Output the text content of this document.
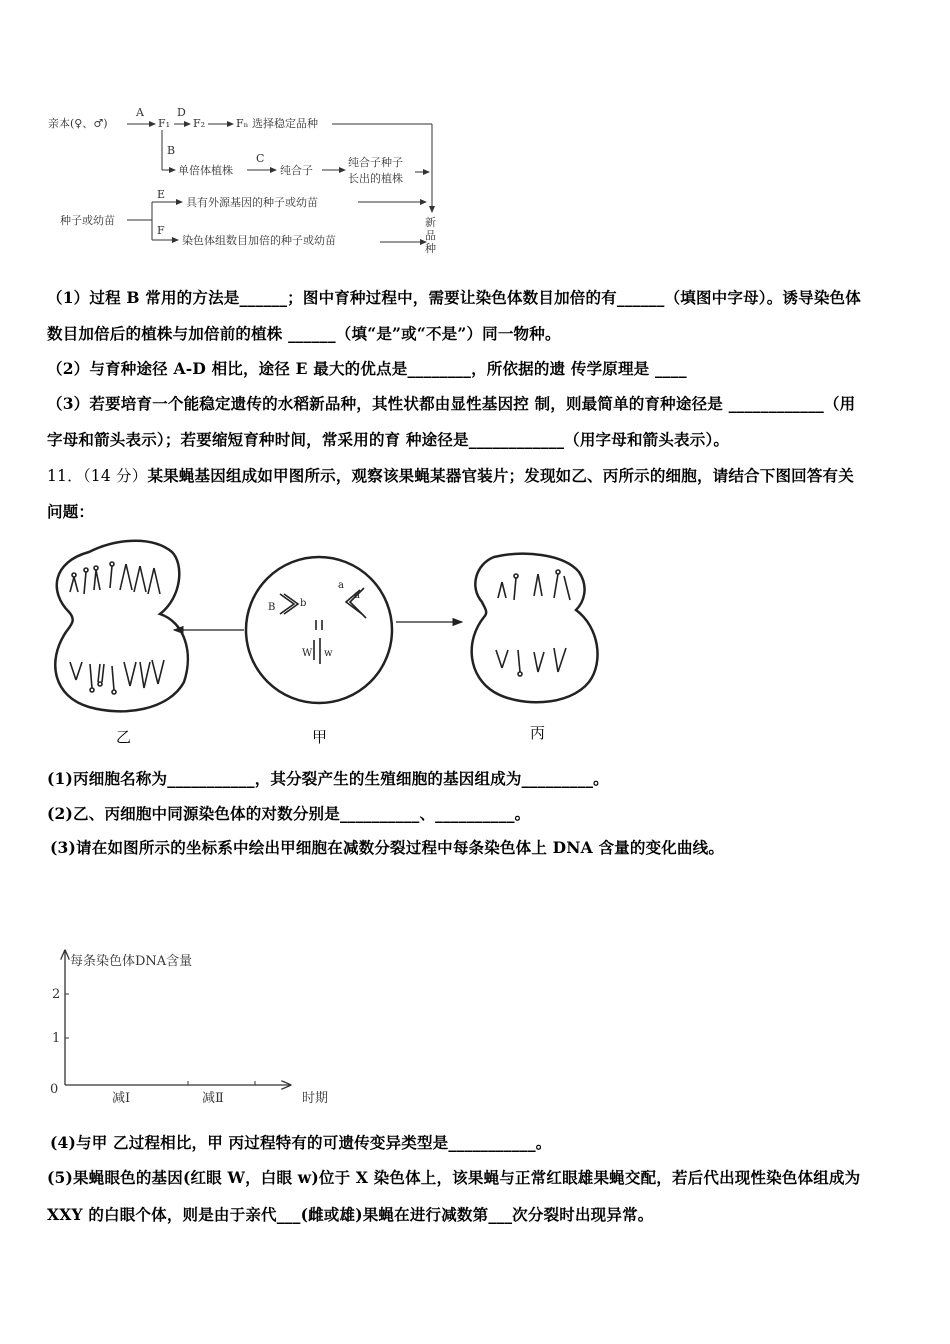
亲本(♀、♂)
A
F₁
D
F₂	Fₙ 选择稳定品种
B
单倍体植株
C
纯合子
纯合子种子
长出的植株
种子或幼苗
E
具有外源基因的种子或幼苗
F
染色体组数目加倍的种子或幼苗
新
品
种
（1）过程 B 常用的方法是______；图中育种过程中，需要让染色体数目加倍的有______（填图中字母）。诱导染色体
数目加倍后的植株与加倍前的植株 ______（填“是”或“不是”）同一物种。
（2）与育种途径 A-D 相比，途径 E 最大的优点是________，所依据的遗 传学原理是 ____
（3）若要培育一个能稳定遗传的水稻新品种，其性状都由显性基因控 制，则最简单的育种途径是 ____________（用
字母和箭头表示）；若要缩短育种时间，常采用的育 种途径是____________（用字母和箭头表示）。
11．（14 分）某果蝇基因组成如甲图所示，观察该果蝇某器官装片；发现如乙、丙所示的细胞，请结合下图回答有关
问题：
乙
B b
a
a
W w
甲	丙
(1)丙细胞名称为___________，其分裂产生的生殖细胞的基因组成为_________。
(2)乙、丙细胞中同源染色体的对数分别是__________、__________。
(3)请在如图所示的坐标系中绘出甲细胞在减数分裂过程中每条染色体上 DNA 含量的变化曲线。
每条染色体DNA含量
2
1
0
减Ⅰ	减Ⅱ	时期
(4)与甲 乙过程相比，甲 丙过程特有的可遗传变异类型是___________。
(5)果蝇眼色的基因(红眼 W，白眼 w)位于 X 染色体上，该果蝇与正常红眼雄果蝇交配，若后代出现性染色体组成为
XXY 的白眼个体，则是由于亲代___(雌或雄)果蝇在进行减数第___次分裂时出现异常。
